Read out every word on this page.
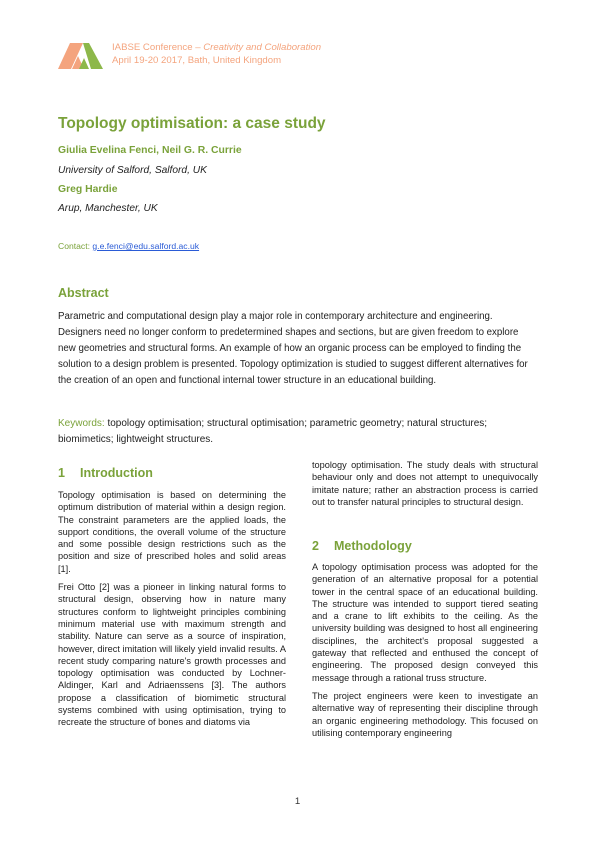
IABSE Conference – Creativity and Collaboration
April 19-20 2017, Bath, United Kingdom
Topology optimisation: a case study
Giulia Evelina Fenci, Neil G. R. Currie
University of Salford, Salford, UK
Greg Hardie
Arup, Manchester, UK
Contact: g.e.fenci@edu.salford.ac.uk
Abstract
Parametric and computational design play a major role in contemporary architecture and engineering. Designers need no longer conform to predetermined shapes and sections, but are given freedom to explore new geometries and structural forms. An example of how an organic process can be employed to finding the solution to a design problem is presented. Topology optimization is studied to suggest different alternatives for the creation of an open and functional internal tower structure in an educational building.
Keywords: topology optimisation; structural optimisation; parametric geometry; natural structures; biomimetics; lightweight structures.
1 Introduction

Topology optimisation is based on determining the optimum distribution of material within a design region. The constraint parameters are the applied loads, the support conditions, the overall volume of the structure and some possible design restrictions such as the position and size of prescribed holes and solid areas [1].

Frei Otto [2] was a pioneer in linking natural forms to structural design, observing how in nature many structures conform to lightweight principles combining minimum material use with maximum strength and stability. Nature can serve as a source of inspiration, however, direct imitation will likely yield invalid results. A recent study comparing nature's growth processes and topology optimisation was conducted by Lochner-Aldinger, Karl and Adriaenssens [3]. The authors propose a classification of biomimetic structural systems combined with using optimisation, trying to recreate the structure of bones and diatoms via

topology optimisation. The study deals with structural behaviour only and does not attempt to unequivocally imitate nature; rather an abstraction process is carried out to transfer natural principles to structural design.

2 Methodology

A topology optimisation process was adopted for the generation of an alternative proposal for a potential tower in the central space of an educational building. The structure was intended to support tiered seating and a crane to lift exhibits to the ceiling. As the university building was designed to host all engineering disciplines, the architect's proposal suggested a gateway that reflected and enthused the concept of engineering. The proposed design conveyed this message through a rational truss structure.

The project engineers were keen to investigate an alternative way of representing their discipline through an organic engineering methodology. This focused on utilising contemporary engineering

1
